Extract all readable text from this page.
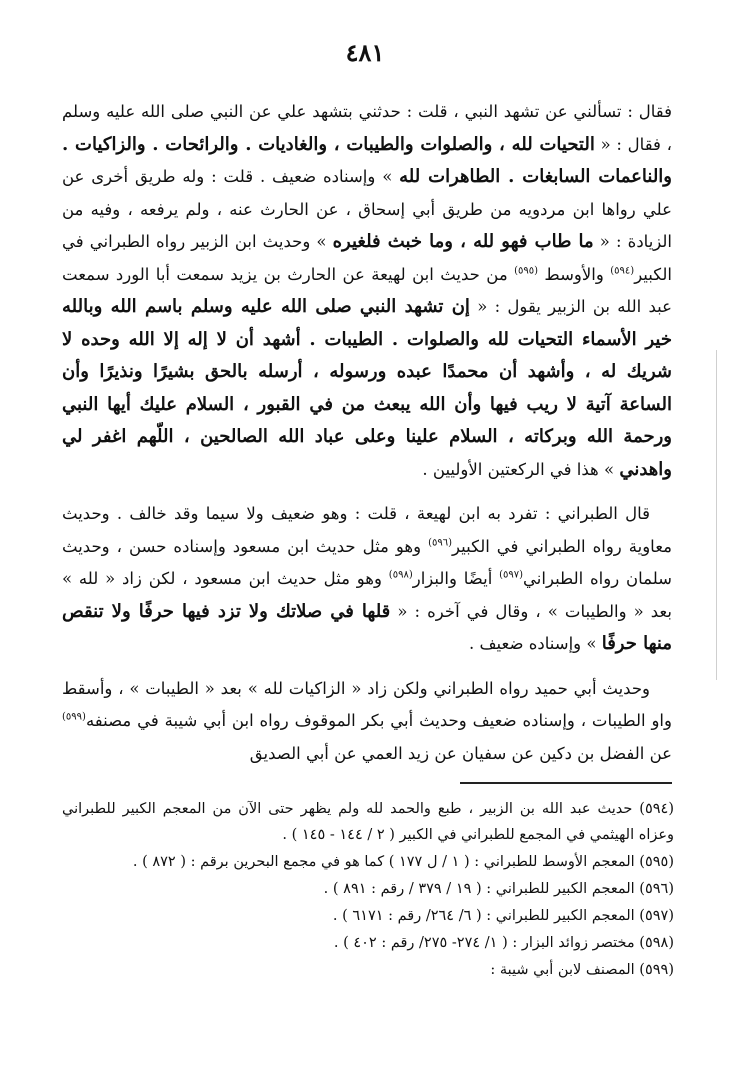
٤٨١

فقال : تسألني عن تشهد النبي ، قلت : حدثني بتشهد علي عن النبي صلى الله عليه وسلم ، فقال : « التحيات لله ، والصلوات والطيبات ، والغاديات . والرائحات . والزاكيات . والناعمات السابغات . الطاهرات لله » وإسناده ضعيف . قلت : وله طريق أخرى عن علي رواها ابن مردويه من طريق أبي إسحاق ، عن الحارث عنه ، ولم يرفعه ، وفيه من الزيادة : « ما طاب فهو لله ، وما خبث فلغيره » وحديث ابن الزبير رواه الطبراني في الكبير$^{(٥٩٤)}$ والأوسط $^{(٥٩٥)}$ من حديث ابن لهيعة عن الحارث بن يزيد سمعت أبا الورد سمعت عبد الله بن الزبير يقول : « إن تشهد النبي صلى الله عليه وسلم باسم الله وبالله خير الأسماء التحيات لله والصلوات . الطيبات . أشهد أن لا إله إلا الله وحده لا شريك له ، وأشهد أن محمدًا عبده ورسوله ، أرسله بالحق بشيرًا ونذيرًا وأن الساعة آتية لا ريب فيها وأن الله يبعث من في القبور ، السلام عليك أيها النبي ورحمة الله وبركاته ، السلام علينا وعلى عباد الله الصالحين ، اللّهم اغفر لي واهدني » هذا في الركعتين الأوليين .

قال الطبراني : تفرد به ابن لهيعة ، قلت : وهو ضعيف ولا سيما وقد خالف . وحديث معاوية رواه الطبراني في الكبير$^{(٥٩٦)}$ وهو مثل حديث ابن مسعود وإسناده حسن ، وحديث سلمان رواه الطبراني$^{(٥٩٧)}$ أيضًا والبزار$^{(٥٩٨)}$ وهو مثل حديث ابن مسعود ، لكن زاد « لله » بعد « والطيبات » ، وقال في آخره : « قلها في صلاتك ولا تزد فيها حرفًا ولا تنقص منها حرفًا » وإسناده ضعيف .

وحديث أبي حميد رواه الطبراني ولكن زاد « الزاكيات لله » بعد « الطيبات » ، وأسقط واو الطيبات ، وإسناده ضعيف وحديث أبي بكر الموقوف رواه ابن أبي شيبة في مصنفه$^{(٥٩٩)}$ عن الفضل بن دكين عن سفيان عن زيد العمي عن أبي الصديق

(٥٩٤) حديث عبد الله بن الزبير ، طبع والحمد لله ولم يظهر حتى الآن من المعجم الكبير للطبراني وعزاه الهيثمي في المجمع للطبراني في الكبير ( ٢ / ١٤٤ - ١٤٥ ) .
(٥٩٥) المعجم الأوسط للطبراني : ( ١ / ل ١٧٧ ) كما هو في مجمع البحرين برقم : ( ٨٧٢ ) .
(٥٩٦) المعجم الكبير للطبراني : ( ١٩ / ٣٧٩ / رقم : ٨٩١ ) .
(٥٩٧) المعجم الكبير للطبراني : ( ٦/ ٢٦٤/ رقم : ٦١٧١ ) .
(٥٩٨) مختصر زوائد البزار : ( ١/ ٢٧٤- ٢٧٥/ رقم : ٤٠٢ ) .
(٥٩٩) المصنف لابن أبي شيبة :
